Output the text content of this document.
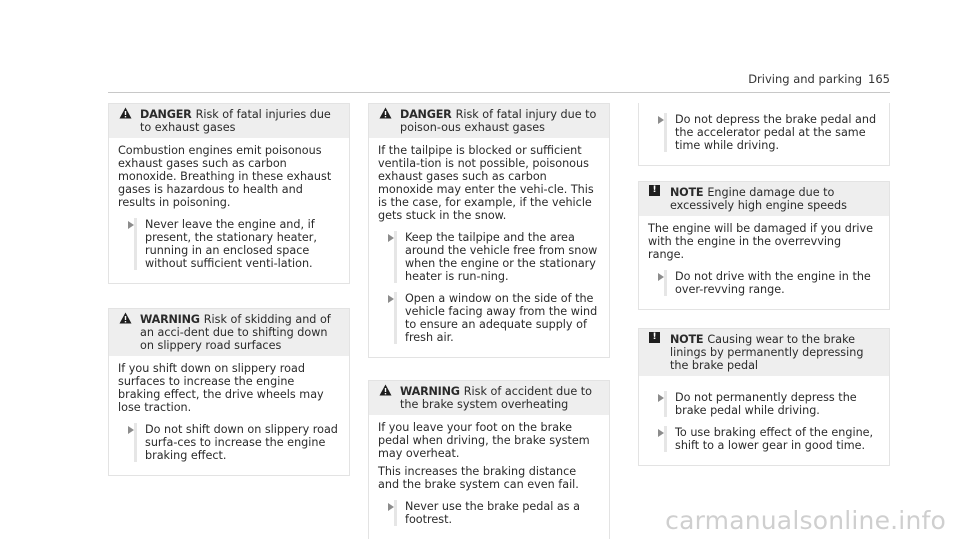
Driving and parking 165
DANGER Risk of fatal injuries due to exhaust gases

Combustion engines emit poisonous exhaust gases such as carbon monoxide. Breathing in these exhaust gases is hazardous to health and results in poisoning.

Never leave the engine and, if present, the stationary heater, running in an enclosed space without sufficient venti-lation.
WARNING Risk of skidding and of an acci-dent due to shifting down on slippery road surfaces

If you shift down on slippery road surfaces to increase the engine braking effect, the drive wheels may lose traction.

Do not shift down on slippery road surfa-ces to increase the engine braking effect.
DANGER Risk of fatal injury due to poison-ous exhaust gases

If the tailpipe is blocked or sufficient ventila-tion is not possible, poisonous exhaust gases such as carbon monoxide may enter the vehi-cle. This is the case, for example, if the vehicle gets stuck in the snow.

Keep the tailpipe and the area around the vehicle free from snow when the engine or the stationary heater is run-ning.
Open a window on the side of the vehicle facing away from the wind to ensure an adequate supply of fresh air.
WARNING Risk of accident due to the brake system overheating

If you leave your foot on the brake pedal when driving, the brake system may overheat.

This increases the braking distance and the brake system can even fail.

Never use the brake pedal as a footrest.
Do not depress the brake pedal and the accelerator pedal at the same time while driving.
!	NOTE Engine damage due to excessively high engine speeds

The engine will be damaged if you drive with the engine in the overrevving range.

Do not drive with the engine in the over-revving range.
!	NOTE Causing wear to the brake linings by permanently depressing the brake pedal
Do not permanently depress the brake pedal while driving.
To use braking effect of the engine, shift to a lower gear in good time.
carmanualsonline.info
